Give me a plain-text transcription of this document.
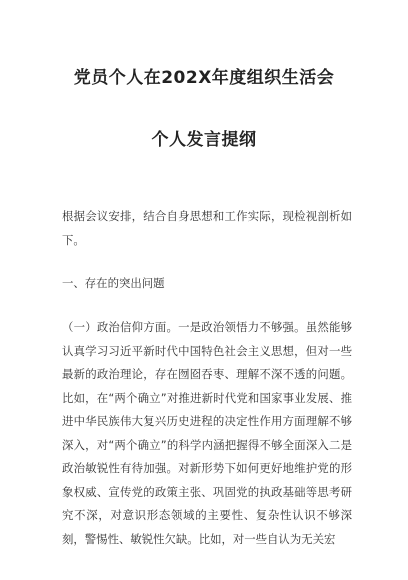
党员个人在202X年度组织生活会
个人发言提纲

根据会议安排，结合自身思想和工作实际，现检视剖析如下。

一、存在的突出问题

（一）政治信仰方面。一是政治领悟力不够强。虽然能够认真学习习近平新时代中国特色社会主义思想，但对一些最新的政治理论，存在囫囵吞枣、理解不深不透的问题。比如，在“两个确立”对推进新时代党和国家事业发展、推进中华民族伟大复兴历史进程的决定性作用方面理解不够深入，对“两个确立”的科学内涵把握得不够全面深入二是政治敏锐性有待加强。对新形势下如何更好地维护党的形象权威、宣传党的政策主张、巩固党的执政基础等思考研究不深，对意识形态领域的主要性、复杂性认识不够深刻，警惕性、敏锐性欠缺。比如，对一些自认为无关宏
